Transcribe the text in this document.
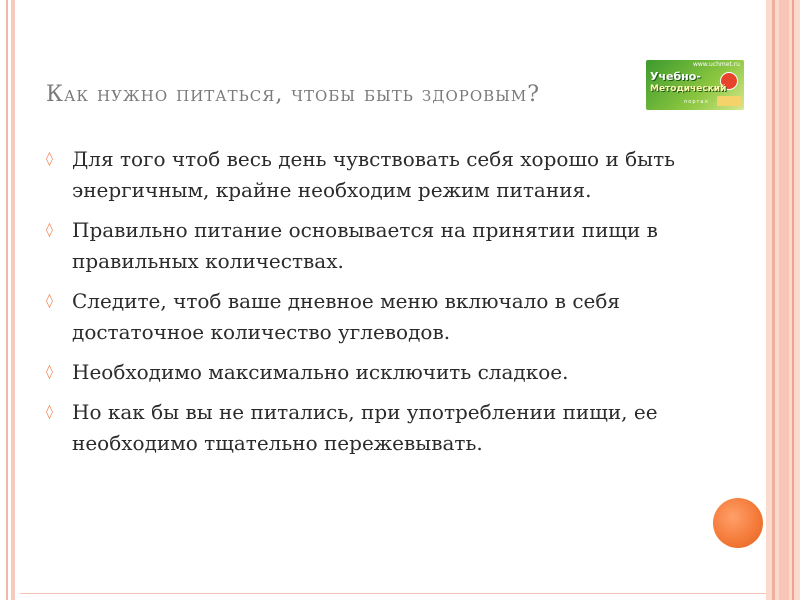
Как нужно питаться, чтобы быть здоровым?
www.uchmet.ru
Учебно-
Методический
портал
◊ Для того чтоб весь день чувствовать себя хорошо и быть энергичным, крайне необходим режим питания.
◊ Правильно питание основывается на принятии пищи в правильных количествах.
◊ Следите, чтоб ваше дневное меню включало в себя достаточное количество углеводов.
◊ Необходимо максимально исключить сладкое.
◊ Но как бы вы не питались, при употреблении пищи, ее необходимо тщательно пережевывать.
